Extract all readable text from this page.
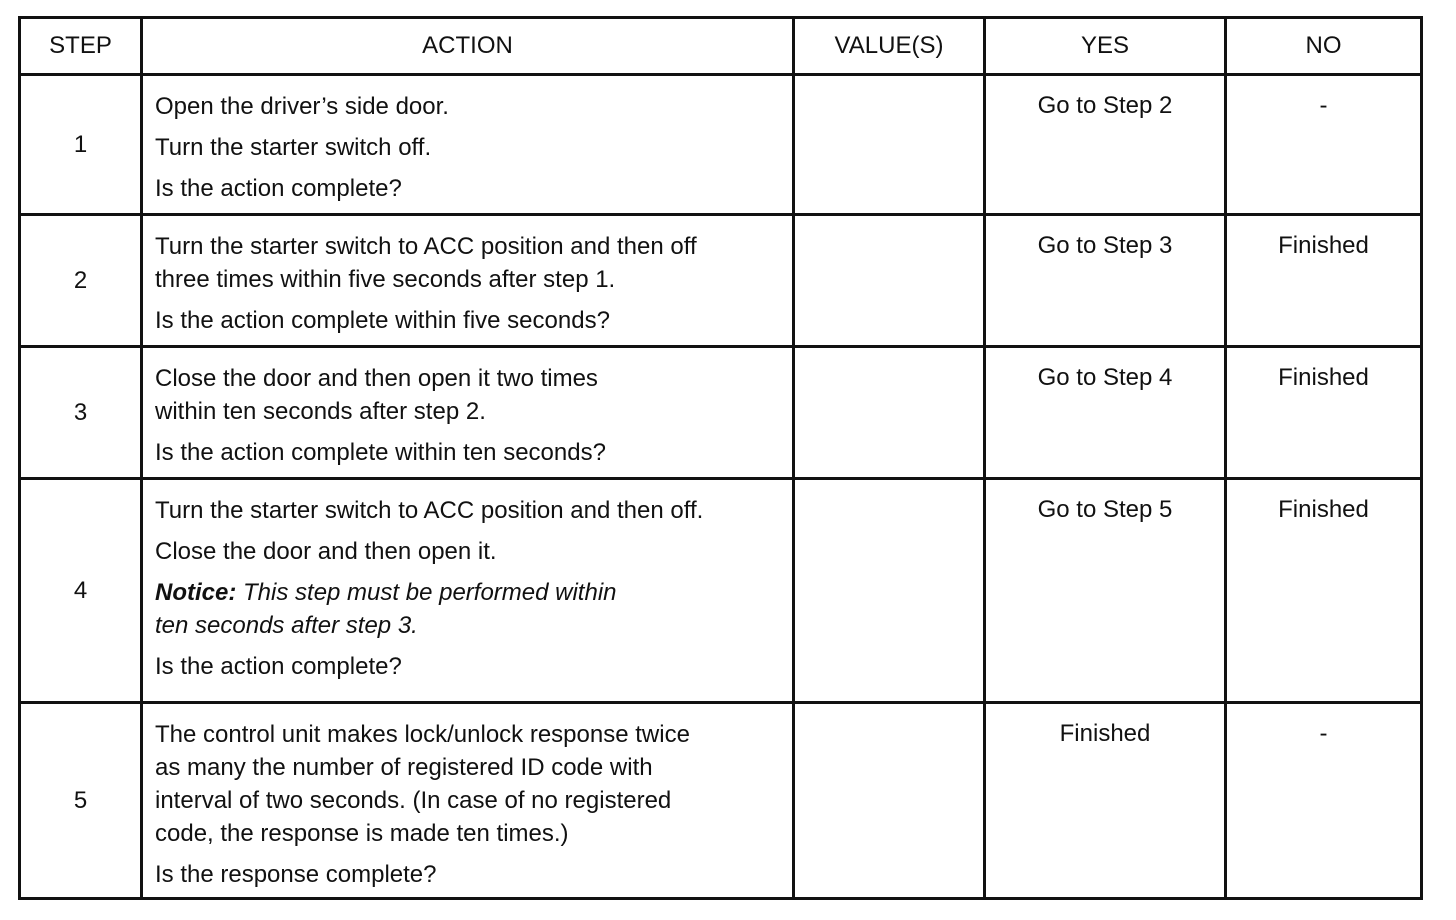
STEP	ACTION	VALUE(S)	YES	NO
1	Open the driver’s side door.
Turn the starter switch off.
Is the action complete?		Go to Step 2	-
2	Turn the starter switch to ACC position and then off
three times within five seconds after step 1.
Is the action complete within five seconds?		Go to Step 3	Finished
3	Close the door and then open it two times
within ten seconds after step 2.
Is the action complete within ten seconds?		Go to Step 4	Finished
4	Turn the starter switch to ACC position and then off.
Close the door and then open it.
Notice: This step must be performed within
ten seconds after step 3.
Is the action complete?		Go to Step 5	Finished
5	The control unit makes lock/unlock response twice
as many the number of registered ID code with
interval of two seconds. (In case of no registered
code, the response is made ten times.)
Is the response complete?		Finished	-
